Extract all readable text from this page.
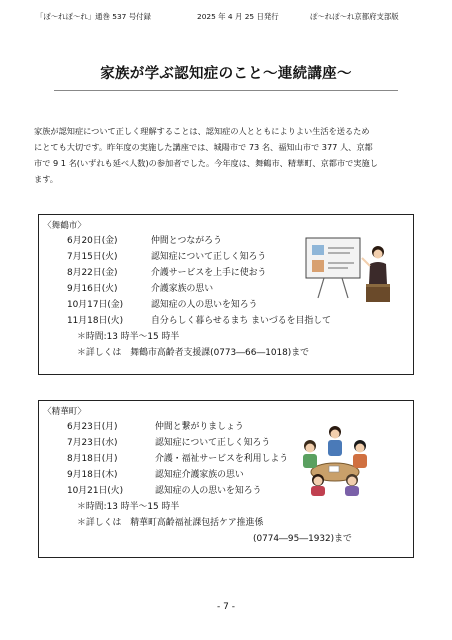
「ぽ～れぽ～れ」通巻 537 号付録	2025 年 4 月 25 日発行	ぽ～れぽ～れ京都府支部版
家族が学ぶ認知症のこと～連続講座～
家族が認知症について正しく理解することは、認知症の人とともによりよい生活を送るため
にとても大切です。昨年度の実施した講座では、城陽市で 73 名、福知山市で 377 人、京都
市で 9 1 名(いずれも延べ人数)の参加者でした。今年度は、舞鶴市、精華町、京都市で実施し
ます。
〈舞鶴市〉
6月20日(金)	仲間とつながろう
7月15日(火)	認知症について正しく知ろう
8月22日(金)	介護サービスを上手に使おう
9月16日(火)	介護家族の思い
10月17日(金)	認知症の人の思いを知ろう
11月18日(火)	自分らしく暮らせるまち まいづるを目指して
＊時間:13 時半～15 時半
＊詳しくは　舞鶴市高齢者支援課(0773―66―1018)まで
〈精華町〉
6月23日(月)	仲間と繋がりましょう
7月23日(水)	認知症について正しく知ろう
8月18日(月)	介護・福祉サービスを利用しよう
9月18日(木)	認知症介護家族の思い
10月21日(火)	認知症の人の思いを知ろう
＊時間:13 時半～15 時半
＊詳しくは　精華町高齢福祉課包括ケア推進係
(0774―95―1932)まで
- 7 -
